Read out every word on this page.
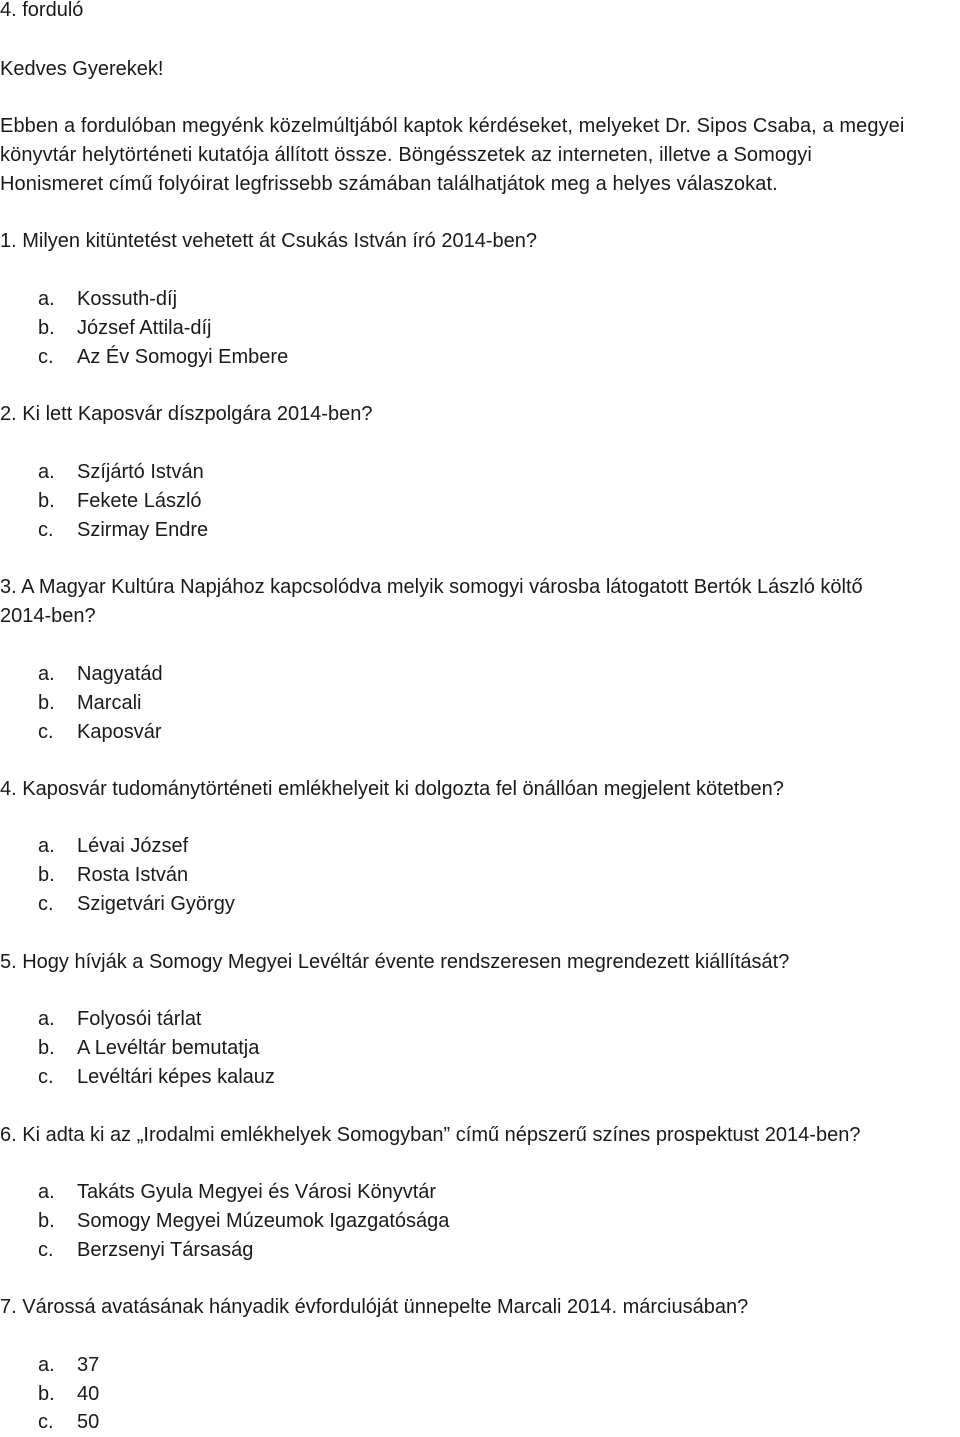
4. forduló
Kedves Gyerekek!
Ebben a fordulóban megyénk közelmúltjából kaptok kérdéseket, melyeket Dr. Sipos Csaba, a megyei
könyvtár helytörténeti kutatója állított össze. Böngésszetek az interneten, illetve a Somogyi
Honismeret című folyóirat legfrissebb számában találhatjátok meg a helyes válaszokat.
1. Milyen kitüntetést vehetett át Csukás István író 2014-ben?
a. Kossuth-díj
b. József Attila-díj
c. Az Év Somogyi Embere
2. Ki lett Kaposvár díszpolgára 2014-ben?
a. Szíjártó István
b. Fekete László
c. Szirmay Endre
3. A Magyar Kultúra Napjához kapcsolódva melyik somogyi városba látogatott Bertók László költő
2014-ben?
a. Nagyatád
b. Marcali
c. Kaposvár
4. Kaposvár tudománytörténeti emlékhelyeit ki dolgozta fel önállóan megjelent kötetben?
a. Lévai József
b. Rosta István
c. Szigetvári György
5. Hogy hívják a Somogy Megyei Levéltár évente rendszeresen megrendezett kiállítását?
a. Folyosói tárlat
b. A Levéltár bemutatja
c. Levéltári képes kalauz
6. Ki adta ki az „Irodalmi emlékhelyek Somogyban” című népszerű színes prospektust 2014-ben?
a. Takáts Gyula Megyei és Városi Könyvtár
b. Somogy Megyei Múzeumok Igazgatósága
c. Berzsenyi Társaság
7. Várossá avatásának hányadik évfordulóját ünnepelte Marcali 2014. márciusában?
a. 37
b. 40
c. 50
